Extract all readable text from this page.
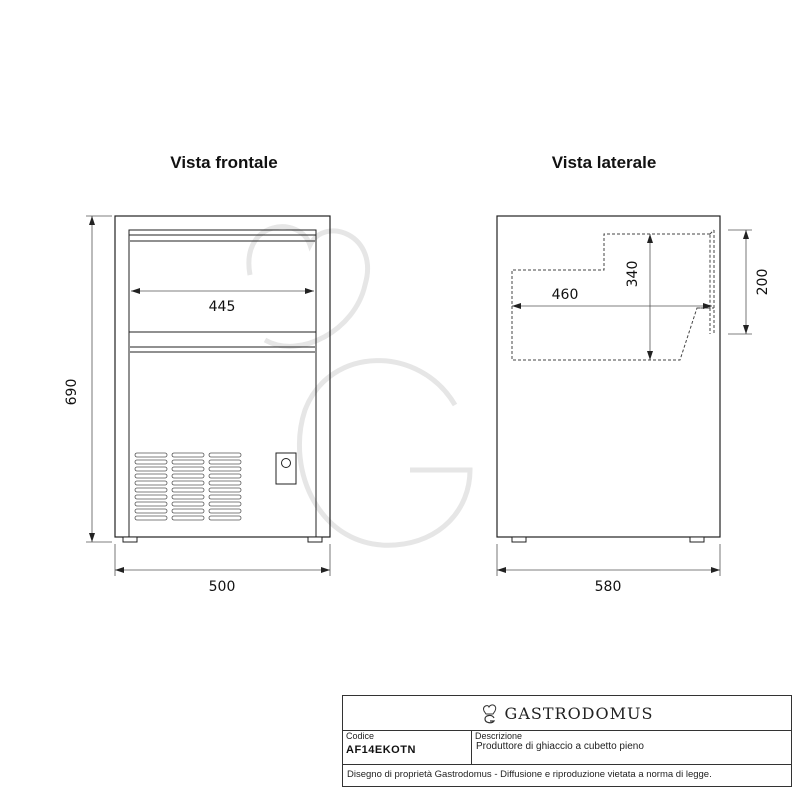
Vista frontale	Vista laterale
445
500
690
460
340	200
580
GASTRODOMUS
Codice
AF14EKOTN
Descrizione
Produttore di ghiaccio a cubetto pieno
Disegno di proprietà Gastrodomus - Diffusione e riproduzione vietata a norma di legge.
